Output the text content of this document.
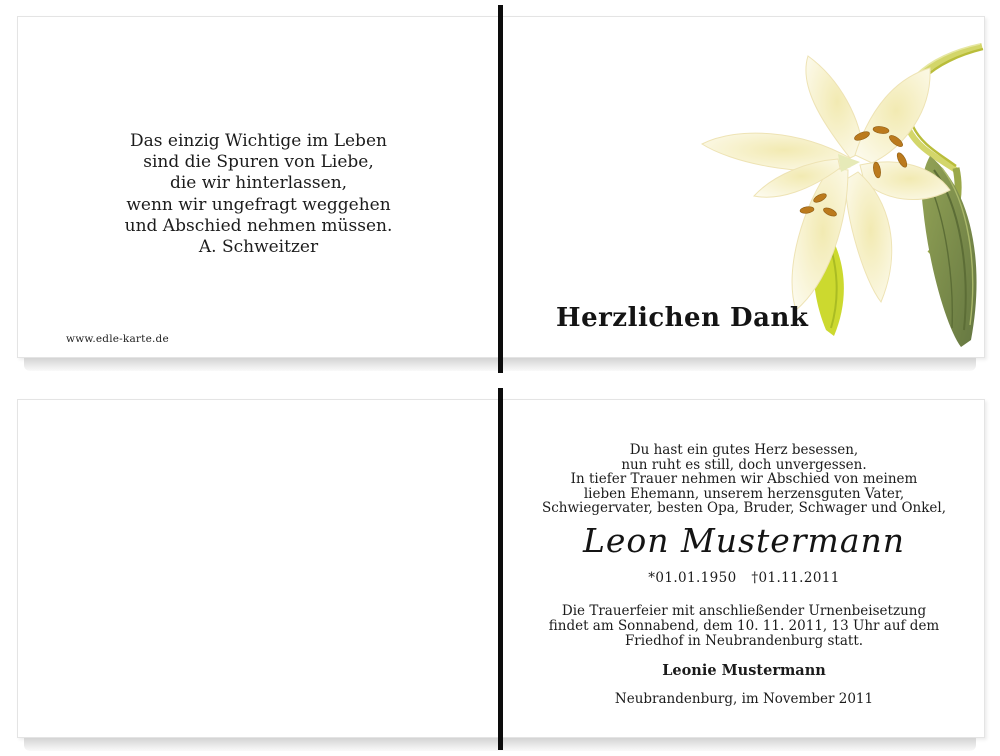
Das einzig Wichtige im Leben
sind die Spuren von Liebe,
die wir hinterlassen,
wenn wir ungefragt weggehen
und Abschied nehmen müssen.
A. Schweitzer
www.edle-karte.de
Herzlichen Dank
Du hast ein gutes Herz besessen,
nun ruht es still, doch unvergessen.
In tiefer Trauer nehmen wir Abschied von meinem
lieben Ehemann, unserem herzensguten Vater,
Schwiegervater, besten Opa, Bruder, Schwager und Onkel,
Leon Mustermann
*01.01.1950 †01.11.2011
Die Trauerfeier mit anschließender Urnenbeisetzung
findet am Sonnabend, dem 10. 11. 2011, 13 Uhr auf dem
Friedhof in Neubrandenburg statt.
Leonie Mustermann
Neubrandenburg, im November 2011
